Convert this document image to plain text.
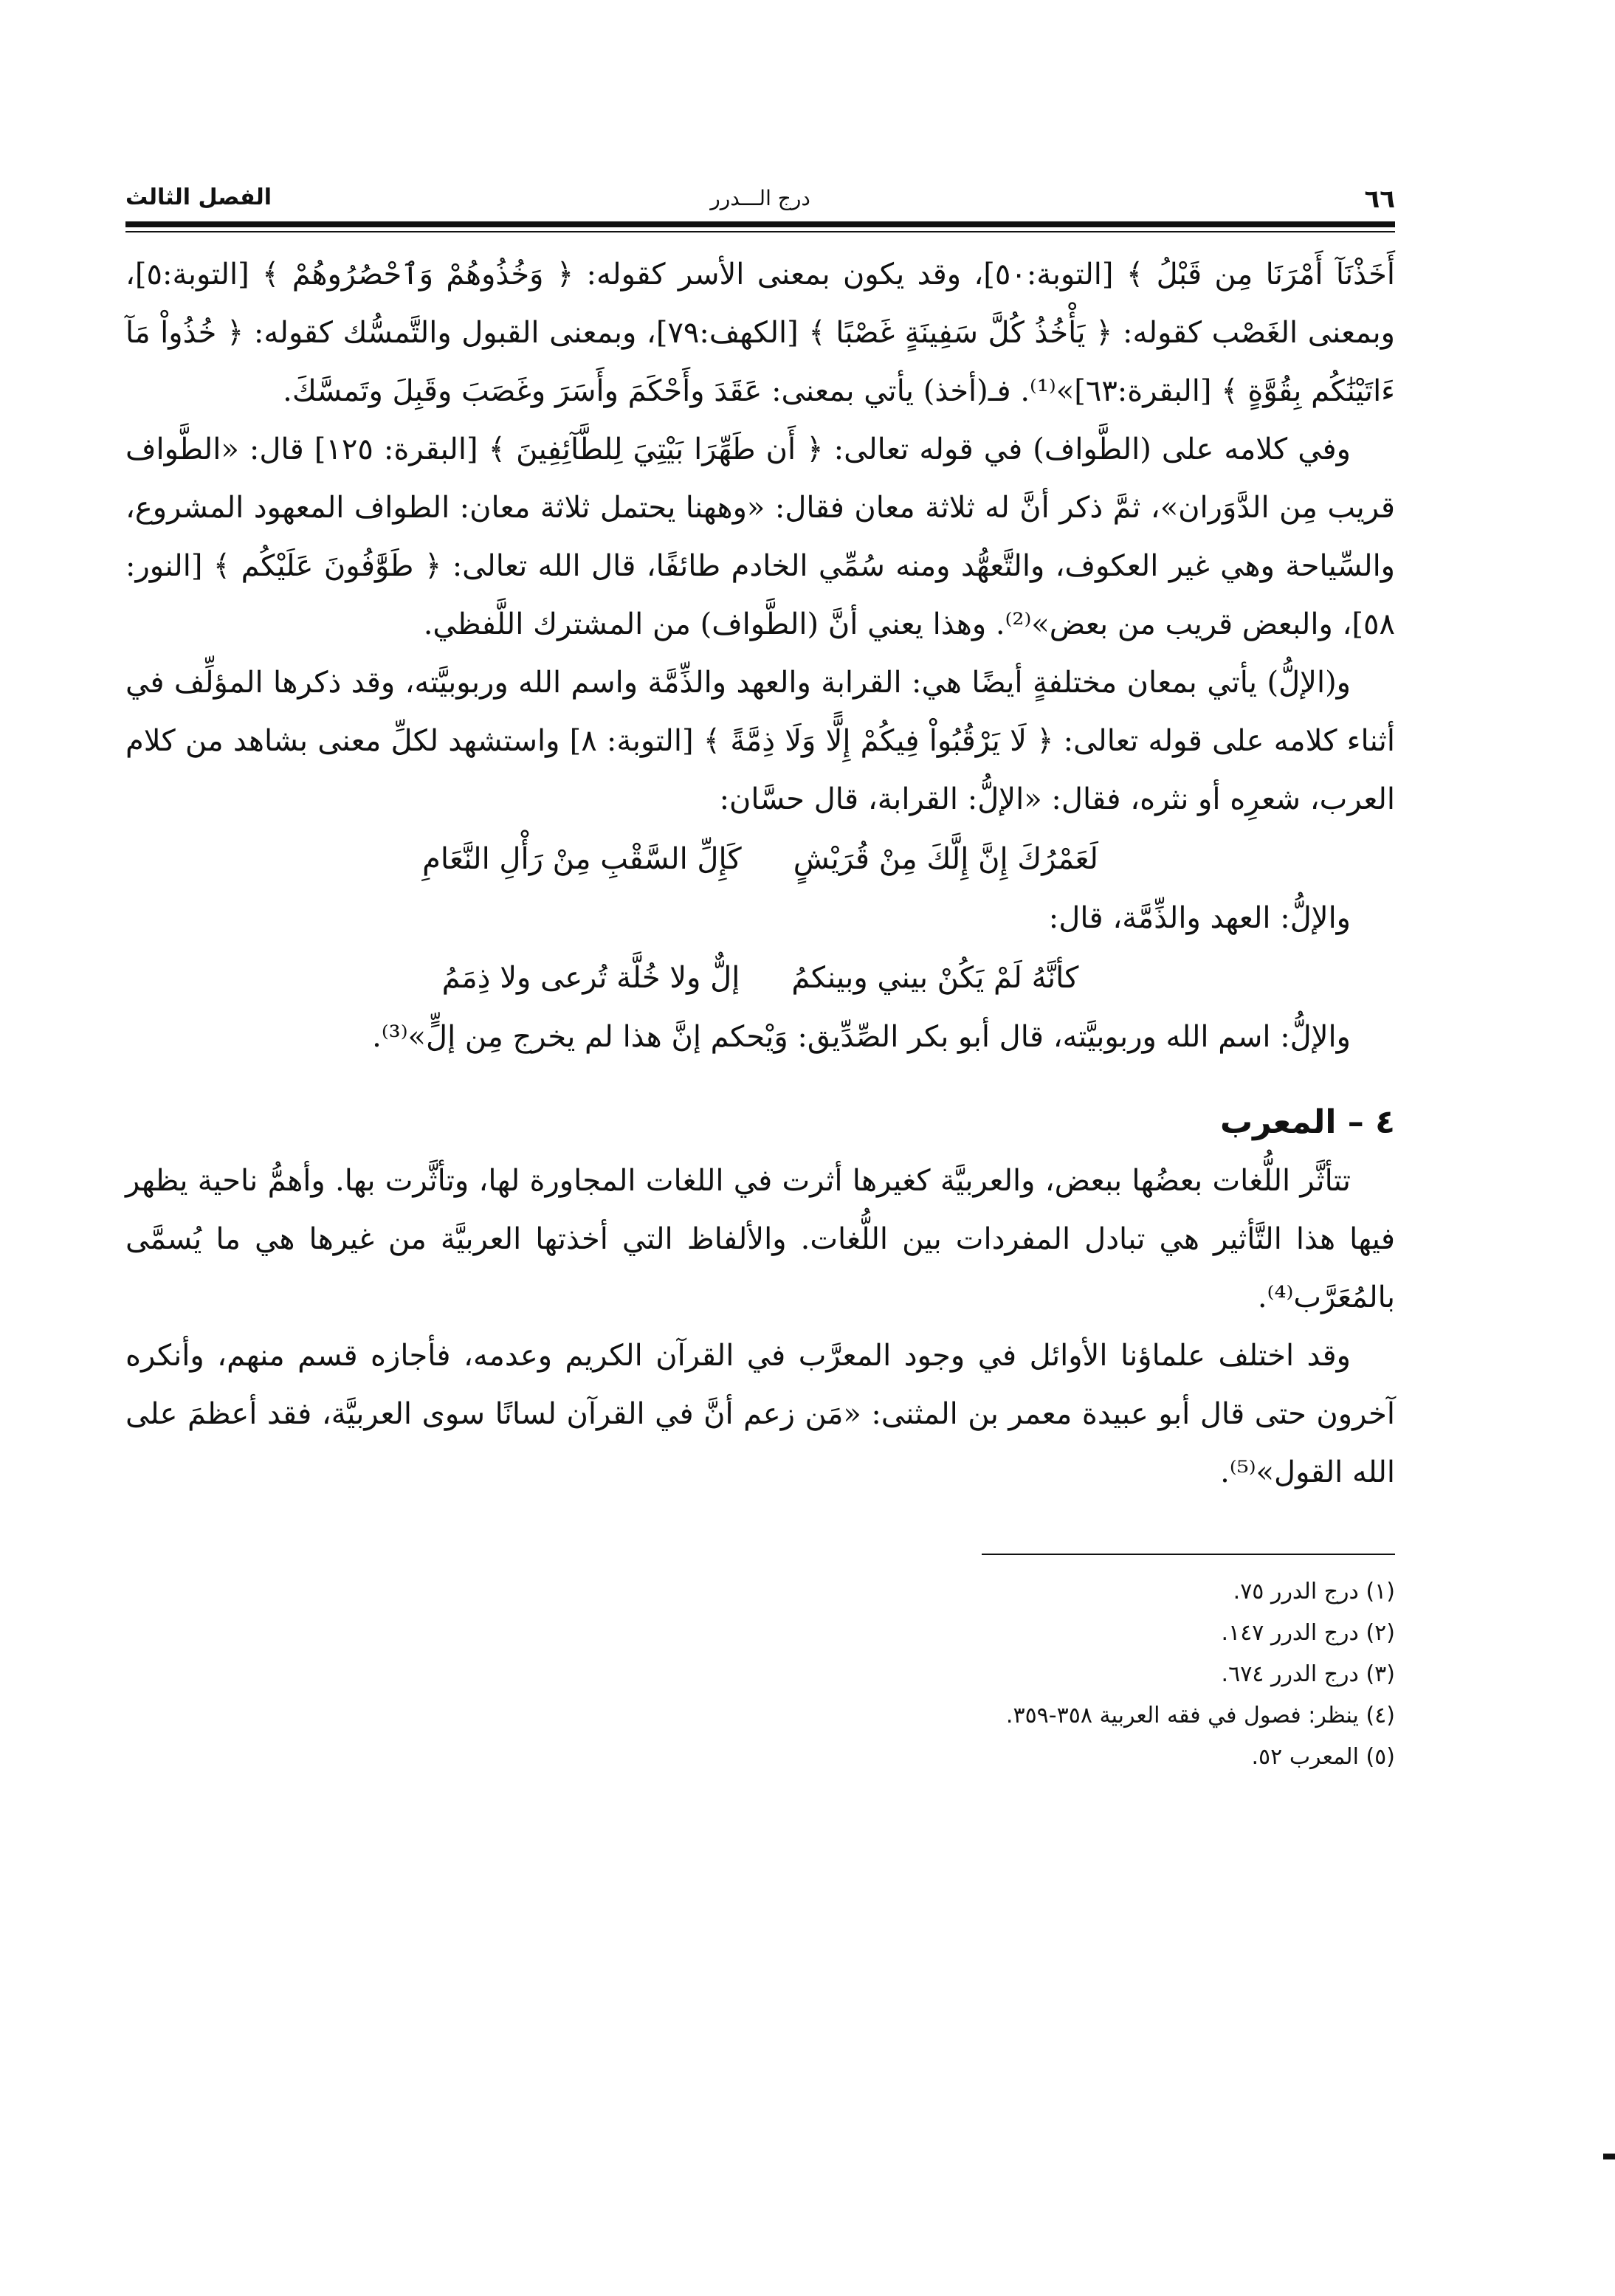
٦٦
درج الـــدرر
الفصل الثالث

أَخَذْنَآ أَمْرَنَا مِن قَبْلُ ﴾ [التوبة:٥٠]، وقد يكون بمعنى الأسر كقوله: ﴿ وَخُذُوهُمْ وَٱحْصُرُوهُمْ ﴾ [التوبة:٥]، وبمعنى الغَصْب كقوله: ﴿ يَأْخُذُ كُلَّ سَفِينَةٍ غَصْبًا ﴾ [الكهف:٧٩]، وبمعنى القبول والتَّمسُّك كقوله: ﴿ خُذُواْ مَآ ءَاتَيْنَٰكُم بِقُوَّةٍ ﴾ [البقرة:٦٣]»⁽¹⁾. فـ(أخذ) يأتي بمعنى: عَقَدَ وأَحْكَمَ وأَسَرَ وغَصَبَ وقَبِلَ وتَمسَّكَ.

وفي كلامه على (الطَّواف) في قوله تعالى: ﴿ أَن طَهِّرَا بَيْتِيَ لِلطَّآئِفِينَ ﴾ [البقرة: ١٢٥] قال: «الطَّواف قريب مِن الدَّوَران»، ثمَّ ذكر أنَّ له ثلاثة معان فقال: «وههنا يحتمل ثلاثة معان: الطواف المعهود المشروع، والسِّياحة وهي غير العكوف، والتَّعهُّد ومنه سُمِّي الخادم طائفًا، قال الله تعالى: ﴿ طَوَّٰفُونَ عَلَيْكُم ﴾ [النور: ٥٨]، والبعض قريب من بعض»⁽²⁾. وهذا يعني أنَّ (الطَّواف) من المشترك اللَّفظي.

و(الإلُّ) يأتي بمعان مختلفةٍ أيضًا هي: القرابة والعهد والذِّمَّة واسم الله وربوبيَّته، وقد ذكرها المؤلِّف في أثناء كلامه على قوله تعالى: ﴿ لَا يَرْقُبُواْ فِيكُمْ إِلًّا وَلَا ذِمَّةً ﴾ [التوبة: ٨] واستشهد لكلِّ معنى بشاهد من كلام العرب، شعرِه أو نثره، فقال: «الإلُّ: القرابة، قال حسَّان:

لَعَمْرُكَ إِنَّ إِلَّكَ مِنْ قُرَيْشٍ
كَإِلِّ السَّقْبِ مِنْ رَأْلِ النَّعَامِ

والإلُّ: العهد والذِّمَّة، قال:

كأنَّهُ لَمْ يَكُنْ بيني وبينكمُ
إلٌّ ولا خُلَّة تُرعى ولا ذِمَمُ

والإلُّ: اسم الله وربوبيَّته، قال أبو بكر الصِّدِّيق: وَيْحكم إنَّ هذا لم يخرج مِن إلٍّ»⁽³⁾.

٤ – المعرب

تتأثَّر اللُّغات بعضُها ببعض، والعربيَّة كغيرها أثرت في اللغات المجاورة لها، وتأثَّرت بها. وأهمُّ ناحية يظهر فيها هذا التَّأثير هي تبادل المفردات بين اللُّغات. والألفاظ التي أخذتها العربيَّة من غيرها هي ما يُسمَّى بالمُعَرَّب⁽⁴⁾.

وقد اختلف علماؤنا الأوائل في وجود المعرَّب في القرآن الكريم وعدمه، فأجازه قسم منهم، وأنكره آخرون حتى قال أبو عبيدة معمر بن المثنى: «مَن زعم أنَّ في القرآن لسانًا سوى العربيَّة، فقد أعظمَ على الله القول»⁽⁵⁾.

(١) درج الدرر ٧٥.
(٢) درج الدرر ١٤٧.
(٣) درج الدرر ٦٧٤.
(٤) ينظر: فصول في فقه العربية ٣٥٨-٣٥٩.
(٥) المعرب ٥٢.
